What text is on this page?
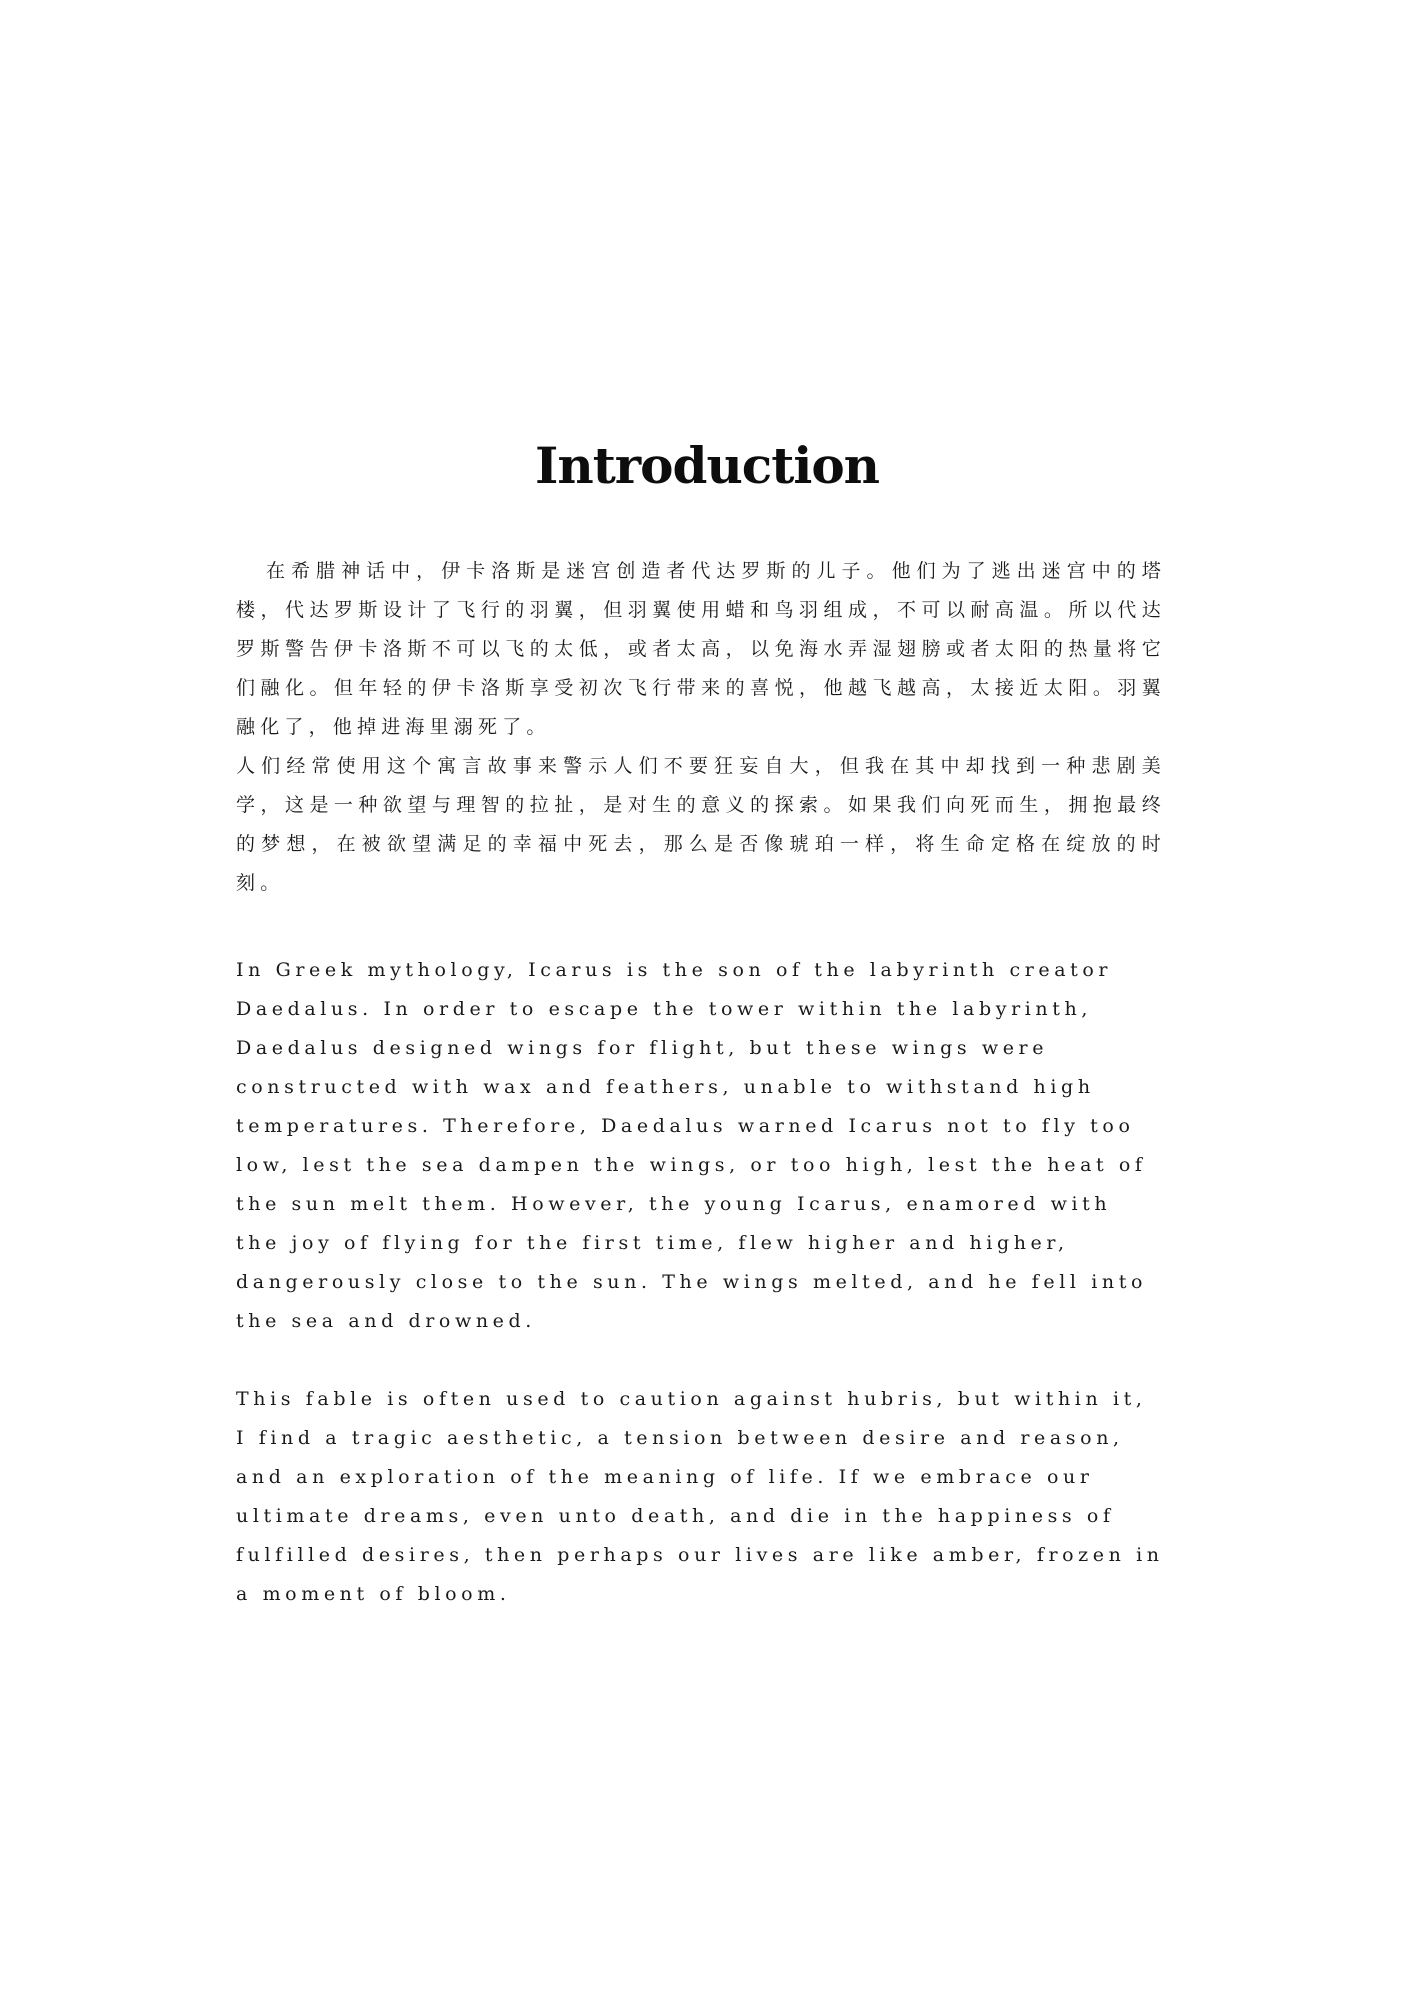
Introduction

在希腊神话中，伊卡洛斯是迷宫创造者代达罗斯的儿子。他们为了逃出迷宫中的塔楼，代达罗斯设计了飞行的羽翼，但羽翼使用蜡和鸟羽组成，不可以耐高温。所以代达罗斯警告伊卡洛斯不可以飞的太低，或者太高，以免海水弄湿翅膀或者太阳的热量将它们融化。但年轻的伊卡洛斯享受初次飞行带来的喜悦，他越飞越高，太接近太阳。羽翼融化了，他掉进海里溺死了。

人们经常使用这个寓言故事来警示人们不要狂妄自大，但我在其中却找到一种悲剧美学，这是一种欲望与理智的拉扯，是对生的意义的探索。如果我们向死而生，拥抱最终的梦想，在被欲望满足的幸福中死去，那么是否像琥珀一样，将生命定格在绽放的时刻。

In Greek mythology, Icarus is the son of the labyrinth creator Daedalus. In order to escape the tower within the labyrinth, Daedalus designed wings for flight, but these wings were constructed with wax and feathers, unable to withstand high temperatures. Therefore, Daedalus warned Icarus not to fly too low, lest the sea dampen the wings, or too high, lest the heat of the sun melt them. However, the young Icarus, enamored with the joy of flying for the first time, flew higher and higher, dangerously close to the sun. The wings melted, and he fell into the sea and drowned.

This fable is often used to caution against hubris, but within it, I find a tragic aesthetic, a tension between desire and reason, and an exploration of the meaning of life. If we embrace our ultimate dreams, even unto death, and die in the happiness of fulfilled desires, then perhaps our lives are like amber, frozen in a moment of bloom.
